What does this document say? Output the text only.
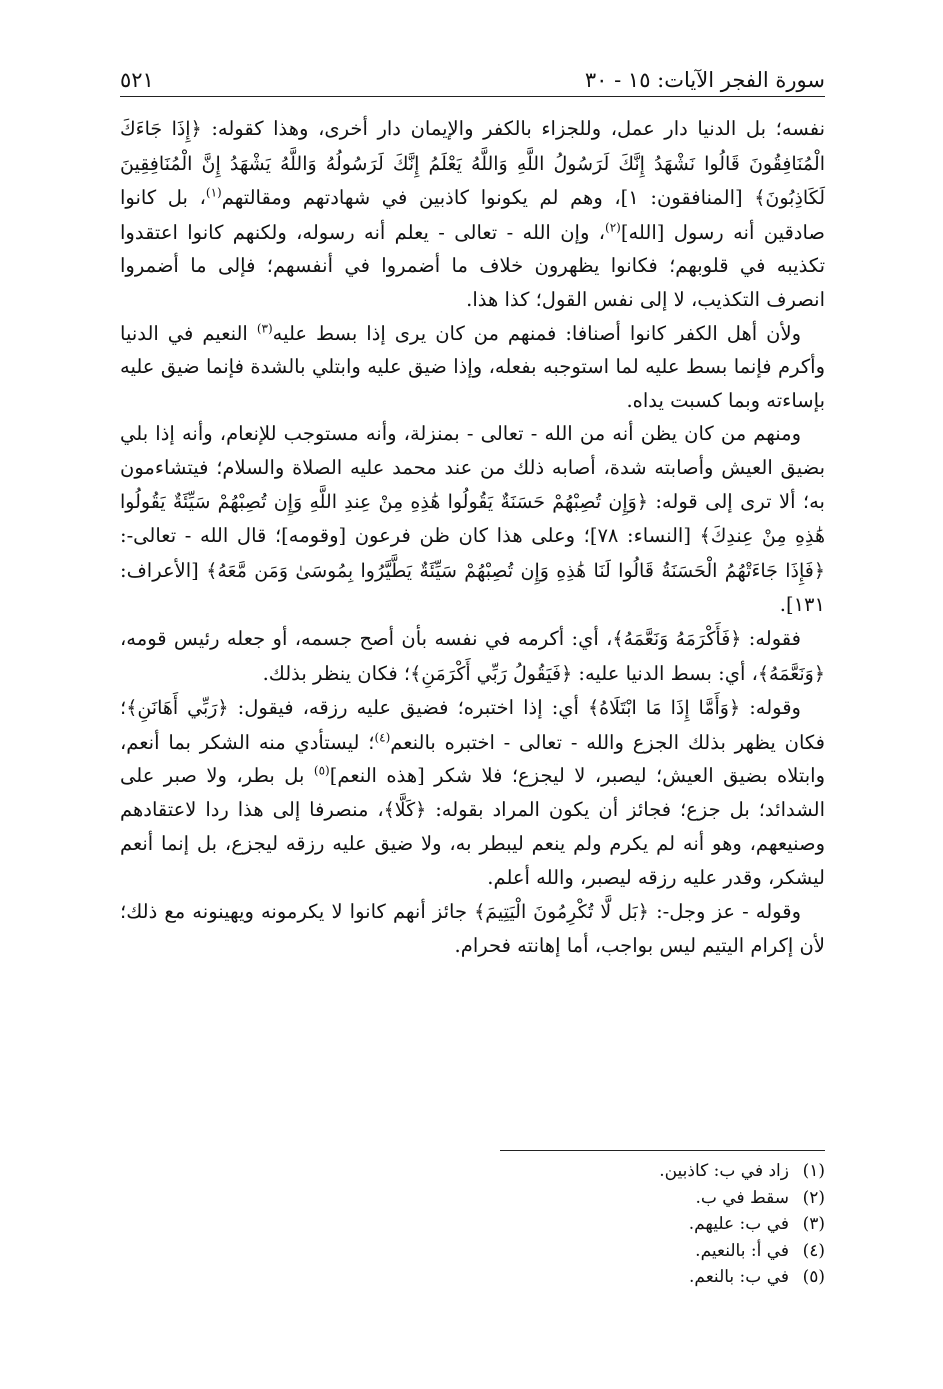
سورة الفجر الآيات: ١٥ - ٣٠
٥٢١

نفسه؛ بل الدنيا دار عمل، وللجزاء بالكفر والإيمان دار أخرى، وهذا كقوله: ﴿إِذَا جَاءَكَ الْمُنَافِقُونَ قَالُوا نَشْهَدُ إِنَّكَ لَرَسُولُ اللَّهِ وَاللَّهُ يَعْلَمُ إِنَّكَ لَرَسُولُهُ وَاللَّهُ يَشْهَدُ إِنَّ الْمُنَافِقِينَ لَكَاذِبُونَ﴾ [المنافقون: ١]، وهم لم يكونوا كاذبين في شهادتهم ومقالتهم$^{(١)}$، بل كانوا صادقين أنه رسول [الله]$^{(٢)}$، وإن الله - تعالى - يعلم أنه رسوله، ولكنهم كانوا اعتقدوا تكذيبه في قلوبهم؛ فكانوا يظهرون خلاف ما أضمروا في أنفسهم؛ فإلى ما أضمروا انصرف التكذيب، لا إلى نفس القول؛ كذا هذا.

ولأن أهل الكفر كانوا أصنافا: فمنهم من كان يرى إذا بسط عليه$^{(٣)}$ النعيم في الدنيا وأكرم فإنما بسط عليه لما استوجبه بفعله، وإذا ضيق عليه وابتلي بالشدة فإنما ضيق عليه بإساءته وبما كسبت يداه.

ومنهم من كان يظن أنه من الله - تعالى - بمنزلة، وأنه مستوجب للإنعام، وأنه إذا بلي بضيق العيش وأصابته شدة، أصابه ذلك من عند محمد عليه الصلاة والسلام؛ فيتشاءمون به؛ ألا ترى إلى قوله: ﴿وَإِن تُصِبْهُمْ حَسَنَةٌ يَقُولُوا هَٰذِهِ مِنْ عِندِ اللَّهِ وَإِن تُصِبْهُمْ سَيِّئَةٌ يَقُولُوا هَٰذِهِ مِنْ عِندِكَ﴾ [النساء: ٧٨]؛ وعلى هذا كان ظن فرعون [وقومه]؛ قال الله - تعالى-: ﴿فَإِذَا جَاءَتْهُمُ الْحَسَنَةُ قَالُوا لَنَا هَٰذِهِ وَإِن تُصِبْهُمْ سَيِّئَةٌ يَطَّيَّرُوا بِمُوسَىٰ وَمَن مَّعَهُ﴾ [الأعراف: ١٣١].

فقوله: ﴿فَأَكْرَمَهُ وَنَعَّمَهُ﴾، أي: أكرمه في نفسه بأن أصح جسمه، أو جعله رئيس قومه، ﴿وَنَعَّمَهُ﴾، أي: بسط الدنيا عليه: ﴿فَيَقُولُ رَبِّي أَكْرَمَنِ﴾؛ فكان ينظر بذلك.

وقوله: ﴿وَأَمَّا إِذَا مَا ابْتَلَاهُ﴾ أي: إذا اختبره؛ فضيق عليه رزقه، فيقول: ﴿رَبِّي أَهَانَنِ﴾؛ فكان يظهر بذلك الجزع والله - تعالى - اختبره بالنعم$^{(٤)}$؛ ليستأدي منه الشكر بما أنعم، وابتلاه بضيق العيش؛ ليصبر، لا ليجزع؛ فلا شكر [هذه النعم]$^{(٥)}$ بل بطر، ولا صبر على الشدائد؛ بل جزع؛ فجائز أن يكون المراد بقوله: ﴿كَلَّا﴾، منصرفا إلى هذا ردا لاعتقادهم وصنيعهم، وهو أنه لم يكرم ولم ينعم ليبطر به، ولا ضيق عليه رزقه ليجزع، بل إنما أنعم ليشكر، وقدر عليه رزقه ليصبر، والله أعلم.

وقوله - عز وجل-: ﴿بَل لَّا تُكْرِمُونَ الْيَتِيمَ﴾ جائز أنهم كانوا لا يكرمونه ويهينونه مع ذلك؛ لأن إكرام اليتيم ليس بواجب، أما إهانته فحرام.

(١)زاد في ب: كاذبين.
(٢)سقط في ب.
(٣)في ب: عليهم.
(٤)في أ: بالنعيم.
(٥)في ب: بالنعم.
